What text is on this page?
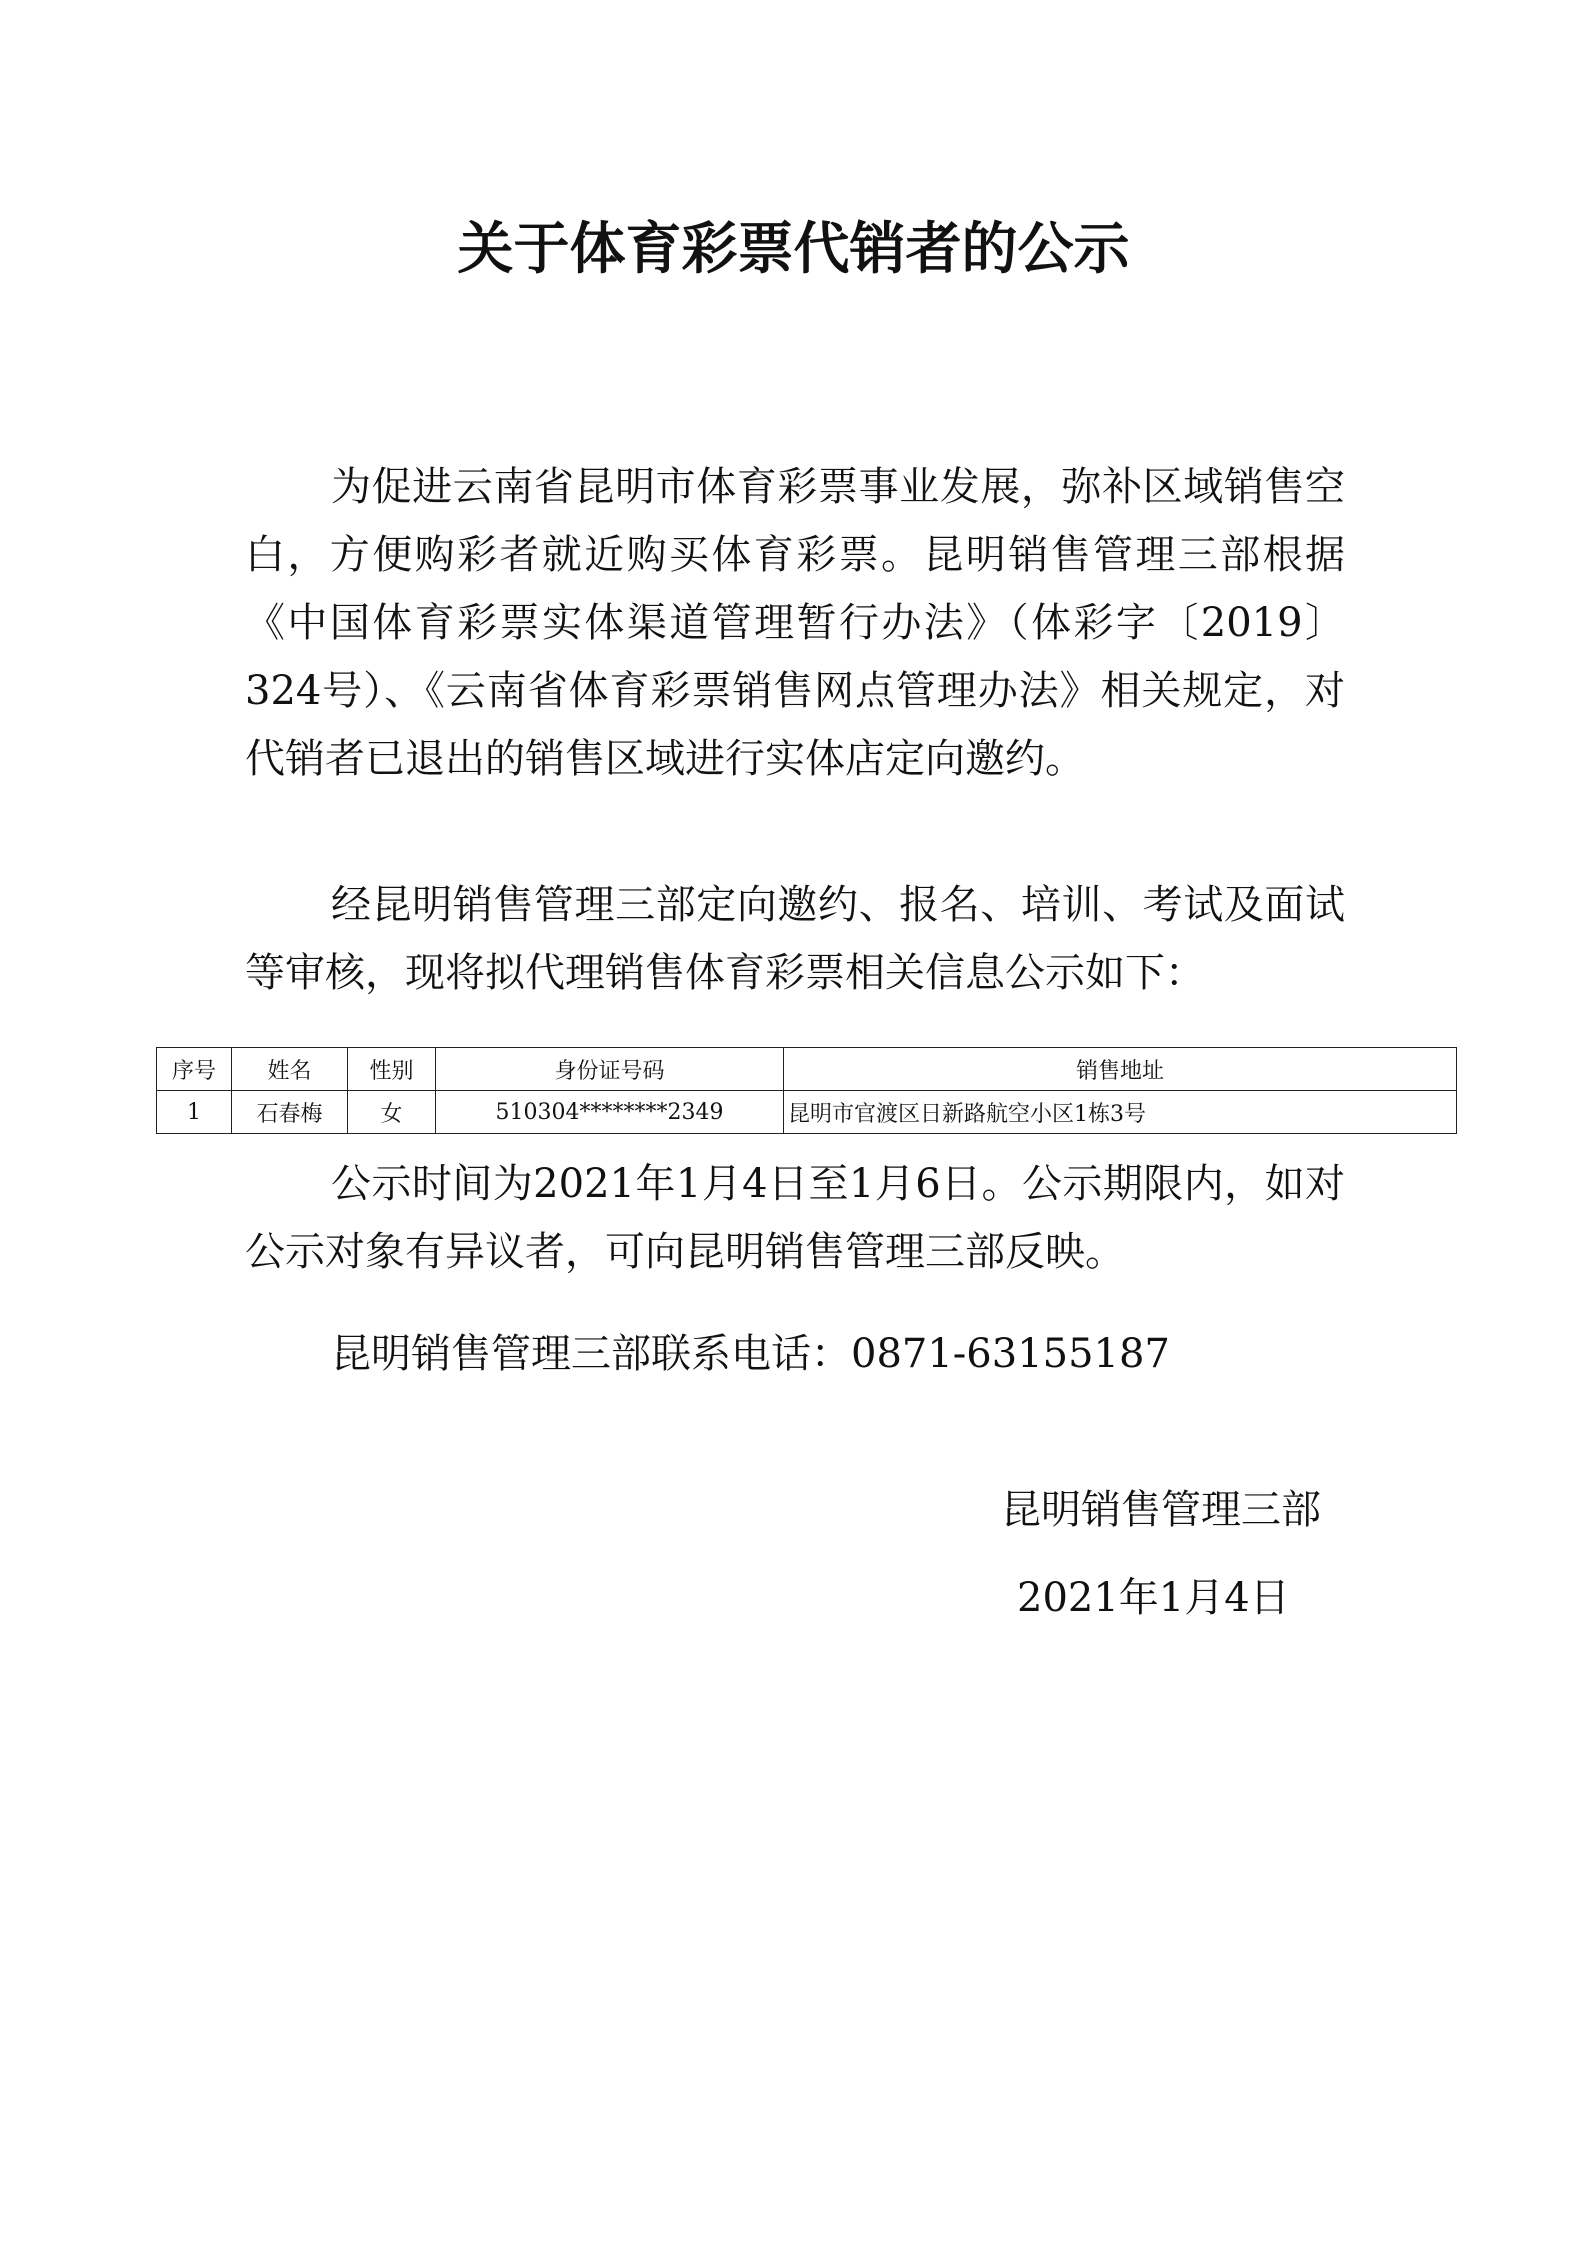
关于体育彩票代销者的公示

为促进云南省昆明市体育彩票事业发展，弥补区域销售空白，方便购彩者就近购买体育彩票。昆明销售管理三部根据《中国体育彩票实体渠道管理暂行办法》（体彩字〔2019〕324号）、《云南省体育彩票销售网点管理办法》相关规定，对代销者已退出的销售区域进行实体店定向邀约。

经昆明销售管理三部定向邀约、报名、培训、考试及面试等审核，现将拟代理销售体育彩票相关信息公示如下：

序号	姓名	性别	身份证号码	销售地址
1	石春梅	女	510304********2349	昆明市官渡区日新路航空小区1栋3号

公示时间为2021年1月4日至1月6日。公示期限内，如对公示对象有异议者，可向昆明销售管理三部反映。

昆明销售管理三部联系电话：0871-63155187

昆明销售管理三部

2021年1月4日
